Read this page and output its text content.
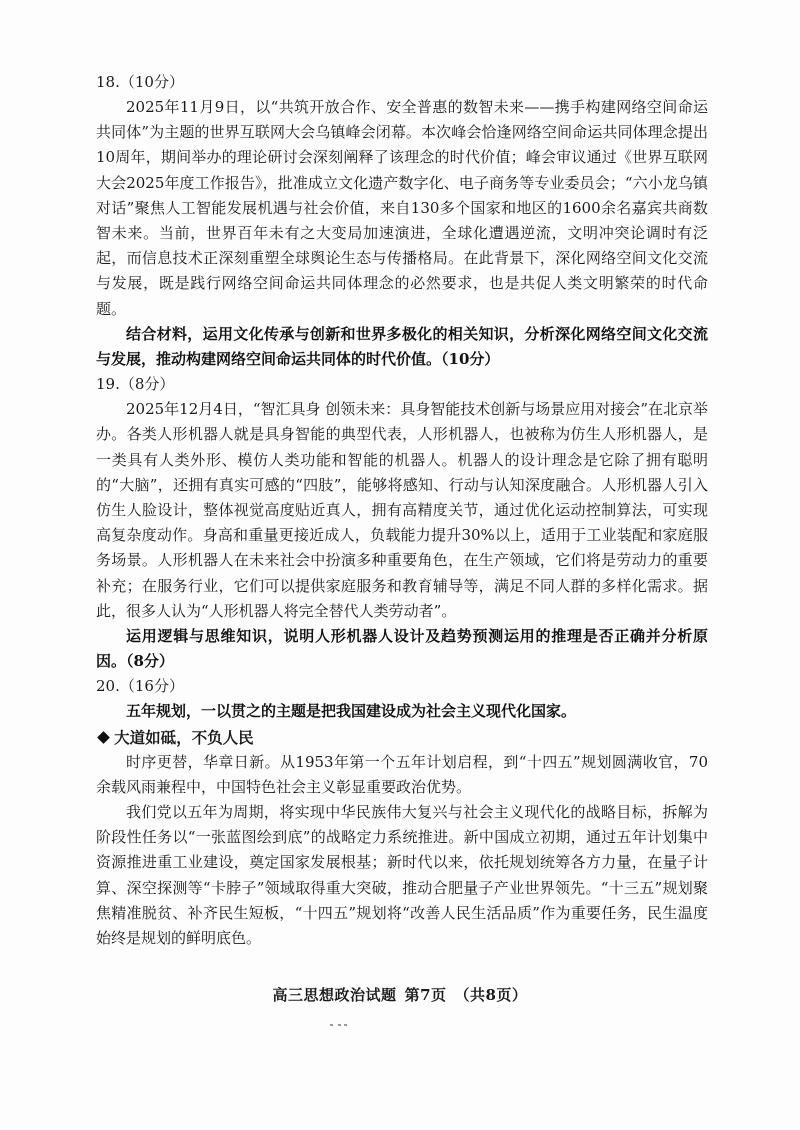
18.（10分）

2025年11月9日，以“共筑开放合作、安全普惠的数智未来——携手构建网络空间命运共同体”为主题的世界互联网大会乌镇峰会闭幕。本次峰会恰逢网络空间命运共同体理念提出10周年，期间举办的理论研讨会深刻阐释了该理念的时代价值；峰会审议通过《世界互联网大会2025年度工作报告》，批准成立文化遗产数字化、电子商务等专业委员会；“六小龙乌镇对话”聚焦人工智能发展机遇与社会价值，来自130多个国家和地区的1600余名嘉宾共商数智未来。当前，世界百年未有之大变局加速演进，全球化遭遇逆流，文明冲突论调时有泛起，而信息技术正深刻重塑全球舆论生态与传播格局。在此背景下，深化网络空间文化交流与发展，既是践行网络空间命运共同体理念的必然要求，也是共促人类文明繁荣的时代命题。

结合材料，运用文化传承与创新和世界多极化的相关知识，分析深化网络空间文化交流与发展，推动构建网络空间命运共同体的时代价值。（10分）

19.（8分）

2025年12月4日，“智汇具身 创领未来：具身智能技术创新与场景应用对接会”在北京举办。各类人形机器人就是具身智能的典型代表，人形机器人，也被称为仿生人形机器人，是一类具有人类外形、模仿人类功能和智能的机器人。机器人的设计理念是它除了拥有聪明的“大脑”，还拥有真实可感的“四肢”，能够将感知、行动与认知深度融合。人形机器人引入仿生人脸设计，整体视觉高度贴近真人，拥有高精度关节，通过优化运动控制算法，可实现高复杂度动作。身高和重量更接近成人，负载能力提升30%以上，适用于工业装配和家庭服务场景。人形机器人在未来社会中扮演多种重要角色，在生产领域，它们将是劳动力的重要补充；在服务行业，它们可以提供家庭服务和教育辅导等，满足不同人群的多样化需求。据此，很多人认为“人形机器人将完全替代人类劳动者”。

运用逻辑与思维知识，说明人形机器人设计及趋势预测运用的推理是否正确并分析原因。（8分）

20.（16分）

五年规划，一以贯之的主题是把我国建设成为社会主义现代化国家。

大道如砥，不负人民

时序更替，华章日新。从1953年第一个五年计划启程，到“十四五”规划圆满收官，70余载风雨兼程中，中国特色社会主义彰显重要政治优势。

我们党以五年为周期，将实现中华民族伟大复兴与社会主义现代化的战略目标，拆解为阶段性任务以“一张蓝图绘到底”的战略定力系统推进。新中国成立初期，通过五年计划集中资源推进重工业建设，奠定国家发展根基；新时代以来，依托规划统筹各方力量，在量子计算、深空探测等“卡脖子”领域取得重大突破，推动合肥量子产业世界领先。“十三五”规划聚焦精准脱贫、补齐民生短板，“十四五”规划将“改善人民生活品质”作为重要任务，民生温度始终是规划的鲜明底色。

高三思想政治试题 第7页 （共8页）
